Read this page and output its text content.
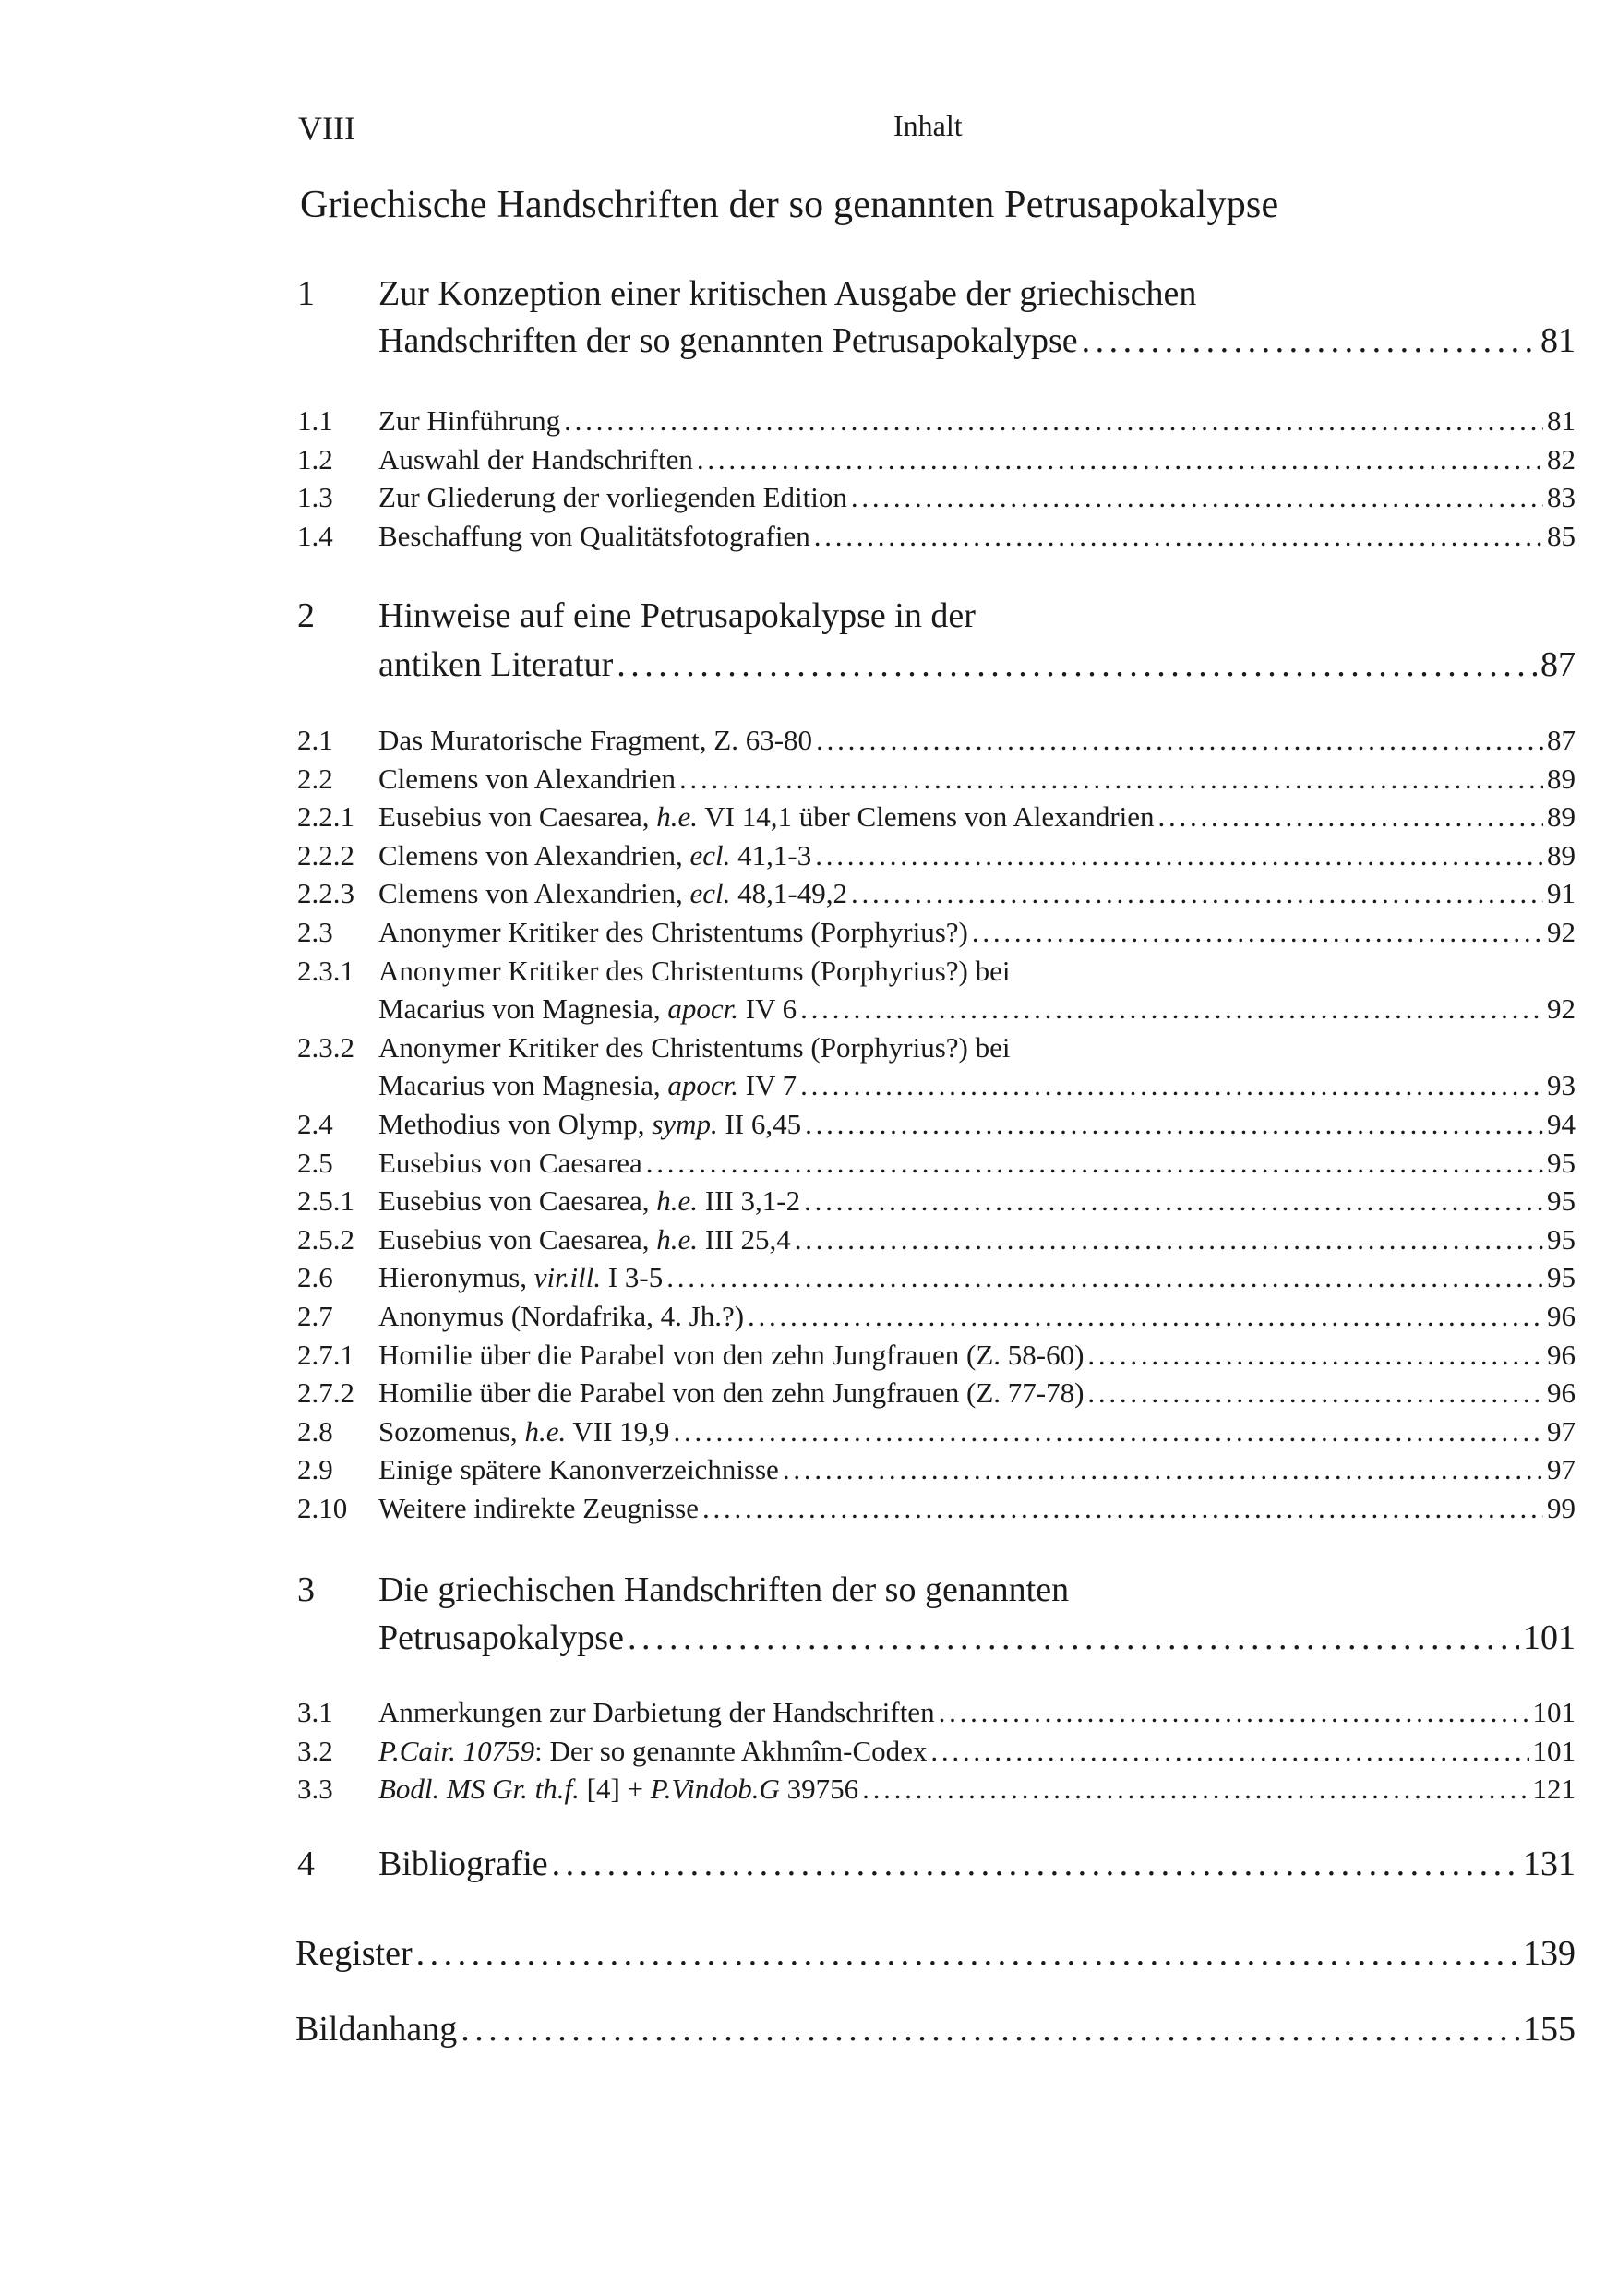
VIII	Inhalt
Griechische Handschriften der so genannten Petrusapokalypse
1 Zur Konzeption einer kritischen Ausgabe der griechischen
Handschriften der so genannten Petrusapokalypse . . .	81
1.1 Zur Hinführung . . .	81
1.2 Auswahl der Handschriften . . .	82
1.3 Zur Gliederung der vorliegenden Edition . . .	83
1.4 Beschaffung von Qualitätsfotografien . . .	85
2 Hinweise auf eine Petrusapokalypse in der
antiken Literatur . . .	87
2.1 Das Muratorische Fragment, Z. 63-80 . . .	87
2.2 Clemens von Alexandrien . . .	89
2.2.1 Eusebius von Caesarea, h.e. VI 14,1 über Clemens von Alexandrien . . .	89
2.2.2 Clemens von Alexandrien, ecl. 41,1-3 . . .	89
2.2.3 Clemens von Alexandrien, ecl. 48,1-49,2 . . .	91
2.3 Anonymer Kritiker des Christentums (Porphyrius?) . . .	92
2.3.1 Anonymer Kritiker des Christentums (Porphyrius?) bei
Macarius von Magnesia, apocr. IV 6 . . .	92
2.3.2 Anonymer Kritiker des Christentums (Porphyrius?) bei
Macarius von Magnesia, apocr. IV 7 . . .	93
2.4 Methodius von Olymp, symp. II 6,45 . . .	94
2.5 Eusebius von Caesarea . . .	95
2.5.1 Eusebius von Caesarea, h.e. III 3,1-2 . . .	95
2.5.2 Eusebius von Caesarea, h.e. III 25,4 . . .	95
2.6 Hieronymus, vir.ill. I 3-5 . . .	95
2.7 Anonymus (Nordafrika, 4. Jh.?) . . .	96
2.7.1 Homilie über die Parabel von den zehn Jungfrauen (Z. 58-60) . . .	96
2.7.2 Homilie über die Parabel von den zehn Jungfrauen (Z. 77-78) . . .	96
2.8 Sozomenus, h.e. VII 19,9 . . .	97
2.9 Einige spätere Kanonverzeichnisse . . .	97
2.10 Weitere indirekte Zeugnisse . . .	99
3 Die griechischen Handschriften der so genannten
Petrusapokalypse . . .	101
3.1 Anmerkungen zur Darbietung der Handschriften . . .	101
3.2 P.Cair. 10759: Der so genannte Akhmîm-Codex . . .	101
3.3 Bodl. MS Gr. th.f. [4] + P.Vindob.G 39756 . . .	121
4 Bibliografie . . .	131
Register . . .	139
Bildanhang . . .	155
